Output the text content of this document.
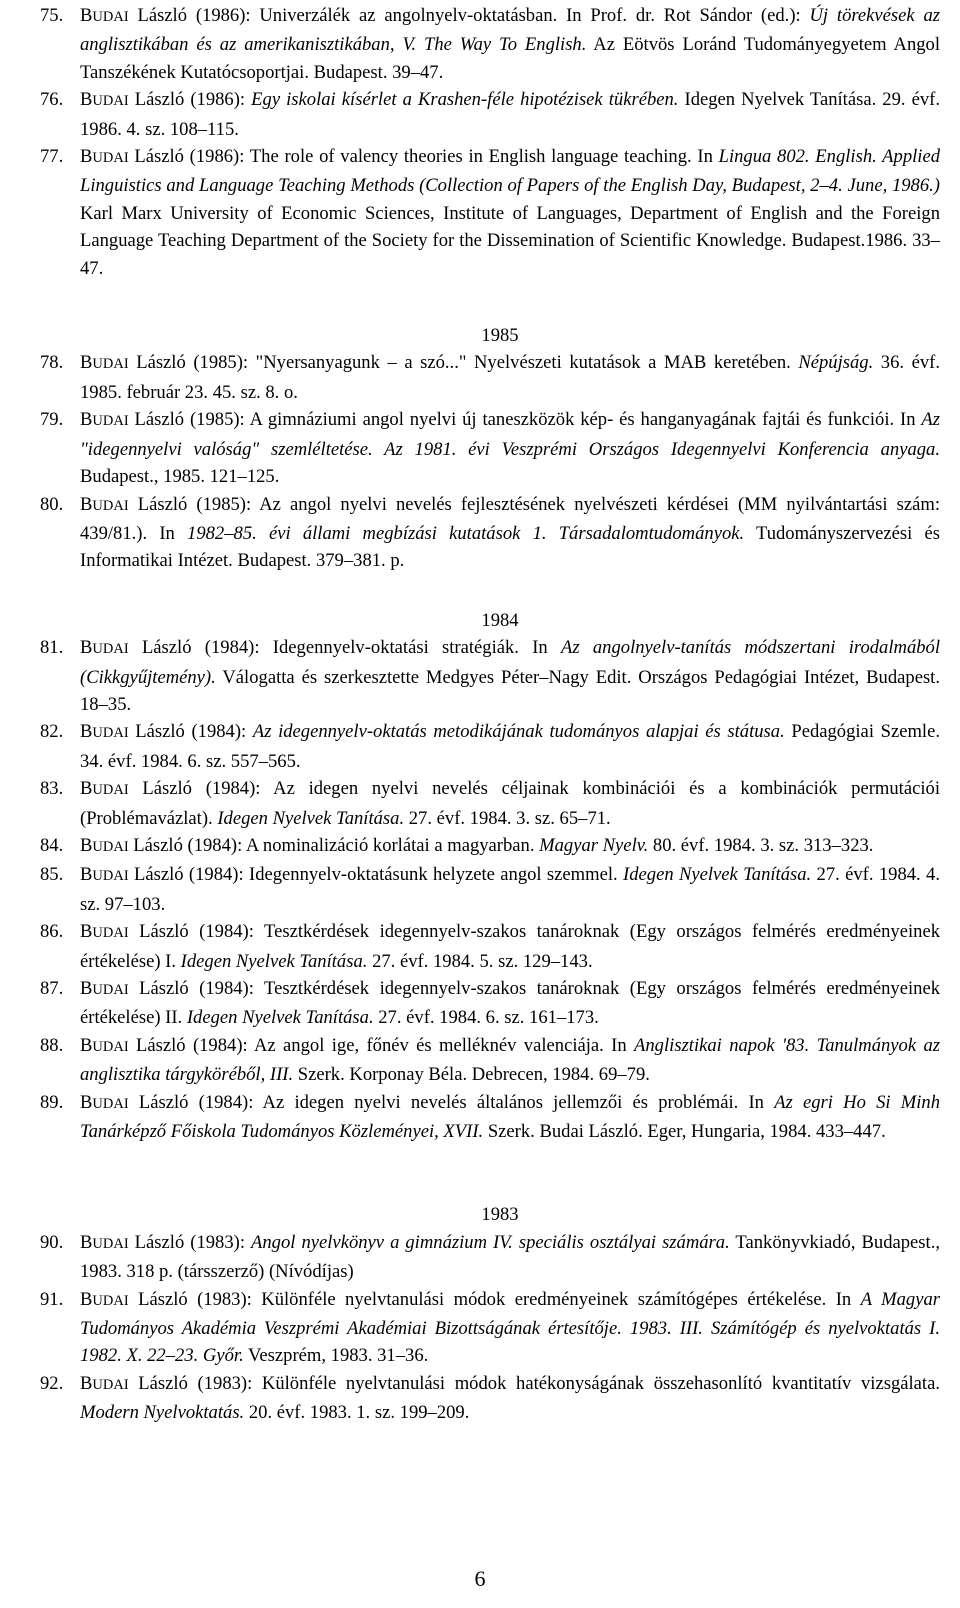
75. BUDAI László (1986): Univerzálék az angolnyelv-oktatásban. In Prof. dr. Rot Sándor (ed.): Új törekvések az anglisztikában és az amerikanisztikában, V. The Way To English. Az Eötvös Loránd Tudományegyetem Angol Tanszékének Kutatócsoportjai. Budapest. 39‒47.
76. BUDAI László (1986): Egy iskolai kísérlet a Krashen-féle hipotézisek tükrében. Idegen Nyelvek Tanítása. 29. évf. 1986. 4. sz. 108‒115.
77. BUDAI László (1986): The role of valency theories in English language teaching. In Lingua 802. English. Applied Linguistics and Language Teaching Methods (Collection of Papers of the English Day, Budapest, 2‒4. June, 1986.) Karl Marx University of Economic Sciences, Institute of Languages, Department of English and the Foreign Language Teaching Department of the Society for the Dissemination of Scientific Knowledge. Budapest.1986. 33‒47.
1985
78. BUDAI László (1985): "Nyersanyagunk ‒ a szó..." Nyelvészeti kutatások a MAB keretében. Népújság. 36. évf. 1985. február 23. 45. sz. 8. o.
79. BUDAI László (1985): A gimnáziumi angol nyelvi új taneszközök kép- és hanganyagának fajtái és funkciói. In Az "idegennyelvi valóság" szemléltetése. Az 1981. évi Veszprémi Országos Idegennyelvi Konferencia anyaga. Budapest., 1985. 121‒125.
80. BUDAI László (1985): Az angol nyelvi nevelés fejlesztésének nyelvészeti kérdései (MM nyilvántartási szám: 439/81.). In 1982‒85. évi állami megbízási kutatások 1. Társadalomtudományok. Tudományszervezési és Informatikai Intézet. Budapest. 379‒381. p.
1984
81. BUDAI László (1984): Idegennyelv-oktatási stratégiák. In Az angolnyelv-tanítás módszertani irodalmából (Cikkgyűjtemény). Válogatta és szerkesztette Medgyes Péter‒Nagy Edit. Országos Pedagógiai Intézet, Budapest. 18‒35.
82. BUDAI László (1984): Az idegennyelv-oktatás metodikájának tudományos alapjai és státusa. Pedagógiai Szemle. 34. évf. 1984. 6. sz. 557‒565.
83. BUDAI László (1984): Az idegen nyelvi nevelés céljainak kombinációi és a kombinációk permutációi (Problémavázlat). Idegen Nyelvek Tanítása. 27. évf. 1984. 3. sz. 65‒71.
84. BUDAI László (1984): A nominalizáció korlátai a magyarban. Magyar Nyelv. 80. évf. 1984. 3. sz. 313‒323.
85. BUDAI László (1984): Idegennyelv-oktatásunk helyzete angol szemmel. Idegen Nyelvek Tanítása. 27. évf. 1984. 4. sz. 97‒103.
86. BUDAI László (1984): Tesztkérdések idegennyelv-szakos tanároknak (Egy országos felmérés eredményeinek értékelése) I. Idegen Nyelvek Tanítása. 27. évf. 1984. 5. sz. 129‒143.
87. BUDAI László (1984): Tesztkérdések idegennyelv-szakos tanároknak (Egy országos felmérés eredményeinek értékelése) II. Idegen Nyelvek Tanítása. 27. évf. 1984. 6. sz. 161‒173.
88. BUDAI László (1984): Az angol ige, főnév és melléknév valenciája. In Anglisztikai napok '83. Tanulmányok az anglisztika tárgyköréből, III. Szerk. Korponay Béla. Debrecen, 1984. 69‒79.
89. BUDAI László (1984): Az idegen nyelvi nevelés általános jellemzői és problémái. In Az egri Ho Si Minh Tanárképző Főiskola Tudományos Közleményei, XVII. Szerk. Budai László. Eger, Hungaria, 1984. 433‒447.
1983
90. BUDAI László (1983): Angol nyelvkönyv a gimnázium IV. speciális osztályai számára. Tankönyvkiadó, Budapest., 1983. 318 p. (társszerző) (Nívódíjas)
91. BUDAI László (1983): Különféle nyelvtanulási módok eredményeinek számítógépes értékelése. In A Magyar Tudományos Akadémia Veszprémi Akadémiai Bizottságának értesítője. 1983. III. Számítógép és nyelvoktatás I. 1982. X. 22‒23. Győr. Veszprém, 1983. 31‒36.
92. BUDAI László (1983): Különféle nyelvtanulási módok hatékonyságának összehasonlító kvantitatív vizsgálata. Modern Nyelvoktatás. 20. évf. 1983. 1. sz. 199‒209.
6
